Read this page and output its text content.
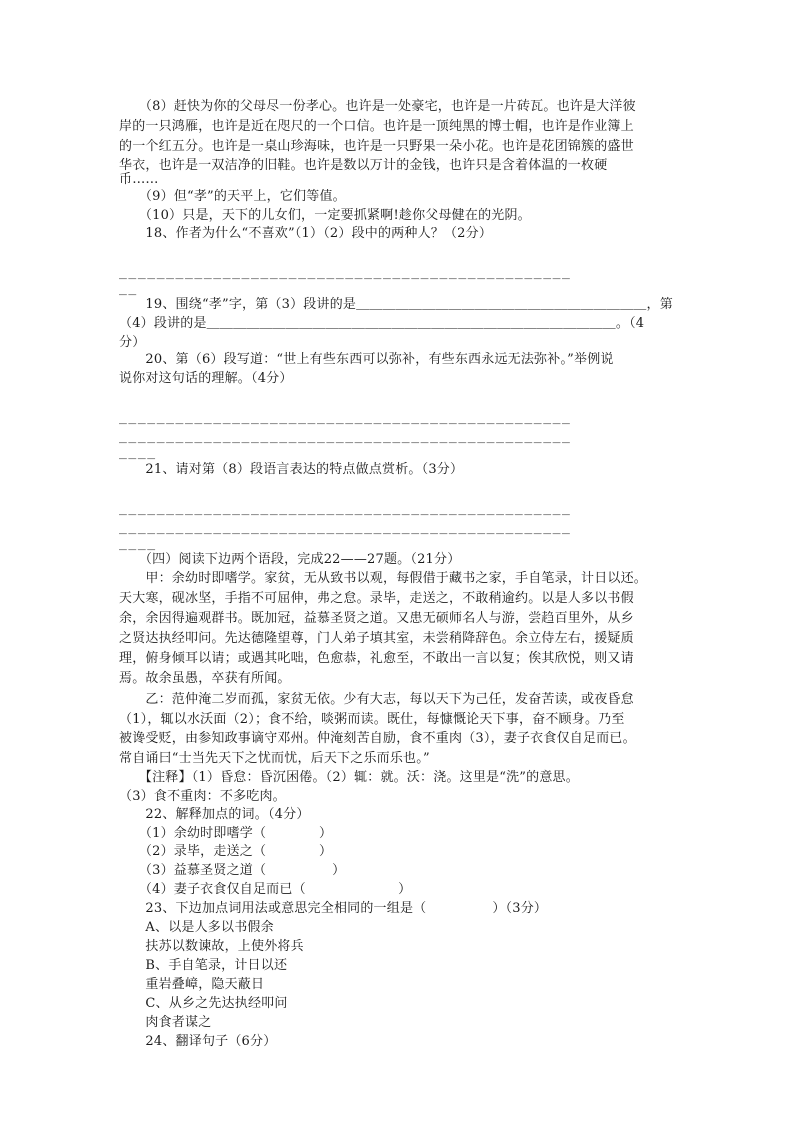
　　（8）赶快为你的父母尽一份孝心。也许是一处豪宅，也许是一片砖瓦。也许是大洋彼
岸的一只鸿雁，也许是近在咫尺的一个口信。也许是一顶纯黑的博士帽，也许是作业簿上
的一个红五分。也许是一桌山珍海味，也许是一只野果一朵小花。也许是花团锦簇的盛世
华衣，也许是一双洁净的旧鞋。也许是数以万计的金钱，也许只是含着体温的一枚硬
币……
　　（9）但“孝”的天平上，它们等值。
　　（10）只是，天下的儿女们，一定要抓紧啊!趁你父母健在的光阴。
　　18、作者为什么“不喜欢”（1）（2）段中的两种人？（2分）
________________________________________________
__
　　19、围绕“孝”字，第（3）段讲的是＿＿＿＿＿＿＿＿＿＿＿＿＿＿＿＿＿＿＿＿＿＿，第
（4）段讲的是＿＿＿＿＿＿＿＿＿＿＿＿＿＿＿＿＿＿＿＿＿＿＿＿＿＿＿＿＿＿＿。（4
分）
　　20、第（6）段写道：“世上有些东西可以弥补，有些东西永远无法弥补。”举例说
说你对这句话的理解。（4分）
________________________________________________
________________________________________________
____
　　21、请对第（8）段语言表达的特点做点赏析。（3分）
________________________________________________
________________________________________________
____
　　（四）阅读下边两个语段，完成22——27题。（21分）
　　甲：余幼时即嗜学。家贫，无从致书以观，每假借于藏书之家，手自笔录，计日以还。
天大寒，砚冰坚，手指不可屈伸，弗之怠。录毕，走送之，不敢稍逾约。以是人多以书假
余，余因得遍观群书。既加冠，益慕圣贤之道。又患无硕师名人与游，尝趋百里外，从乡
之贤达执经叩问。先达德隆望尊，门人弟子填其室，未尝稍降辞色。余立侍左右，援疑质
理，俯身倾耳以请；或遇其叱咄，色愈恭，礼愈至，不敢出一言以复；俟其欣悦，则又请
焉。故余虽愚，卒获有所闻。
　　乙：范仲淹二岁而孤，家贫无依。少有大志，每以天下为己任，发奋苦读，或夜昏怠
（1），辄以水沃面（2）；食不给，啖粥而读。既仕，每慷慨论天下事，奋不顾身。乃至
被谗受贬，由参知政事谪守邓州。仲淹刻苦自励，食不重肉（3），妻子衣食仅自足而已。
常自诵曰“士当先天下之忧而忧，后天下之乐而乐也。”
　　【注释】（1）昏怠：昏沉困倦。（2）辄：就。沃：浇。这里是“洗”的意思。
（3）食不重肉：不多吃肉。
　　22、解释加点的词。（4分）
　　（1）余幼时即嗜学（　　　　）
　　（2）录毕，走送之（　　　　）
　　（3）益慕圣贤之道（　　　　　）
　　（4）妻子衣食仅自足而已（　　　　　　　）
　　23、下边加点词用法或意思完全相同的一组是（　　　　　）（3分）
　　A、以是人多以书假余
　　扶苏以数谏故，上使外将兵
　　B、手自笔录，计日以还
　　重岩叠嶂，隐天蔽日
　　C、从乡之先达执经叩问
　　肉食者谋之
　　24、翻译句子（6分）
